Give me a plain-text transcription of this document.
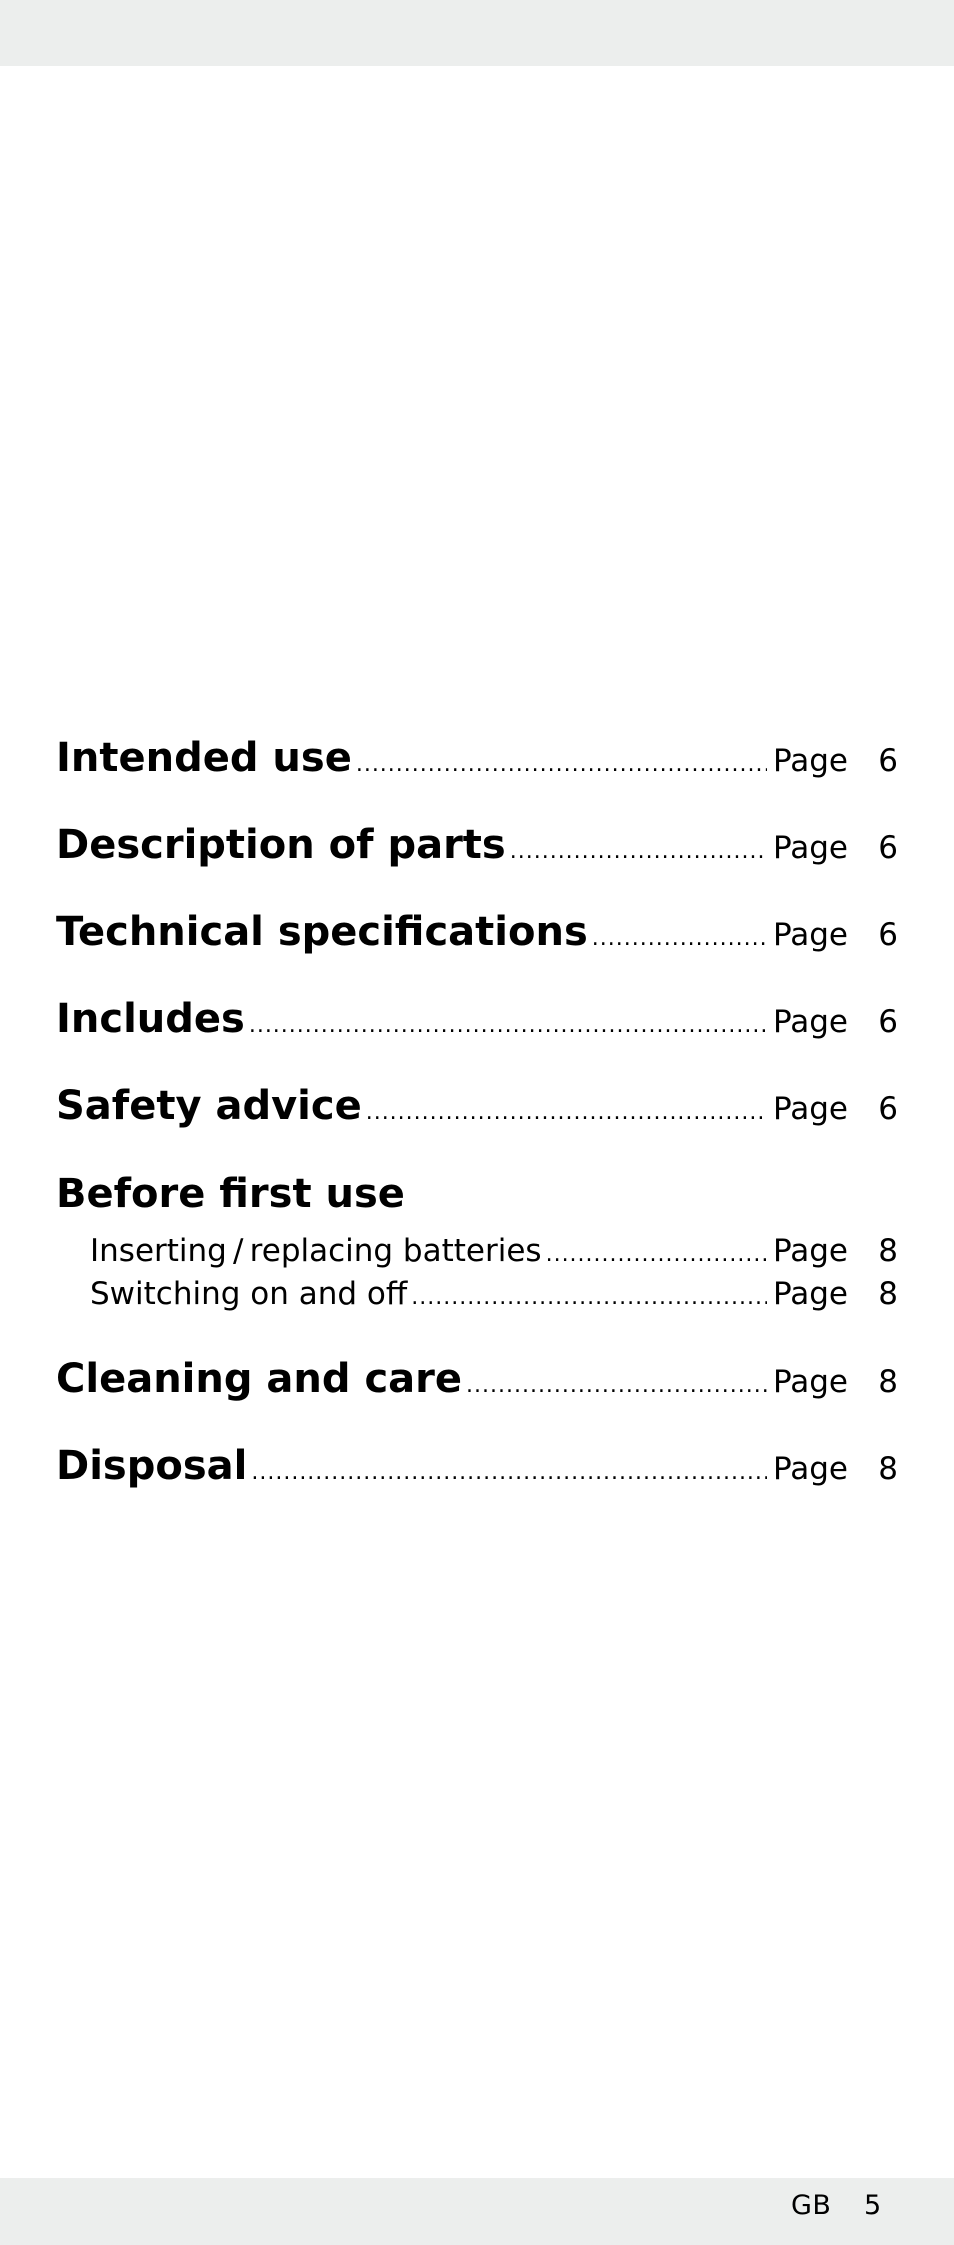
Intended use .....	Page 6
Description of parts .....	Page 6
Technical specifications .....	Page 6
Includes .....	Page 6
Safety advice .....	Page 6
Before first use
Inserting / replacing batteries .....	Page 8
Switching on and off .....	Page 8
Cleaning and care .....	Page 8
Disposal .....	Page 8
GB 5
